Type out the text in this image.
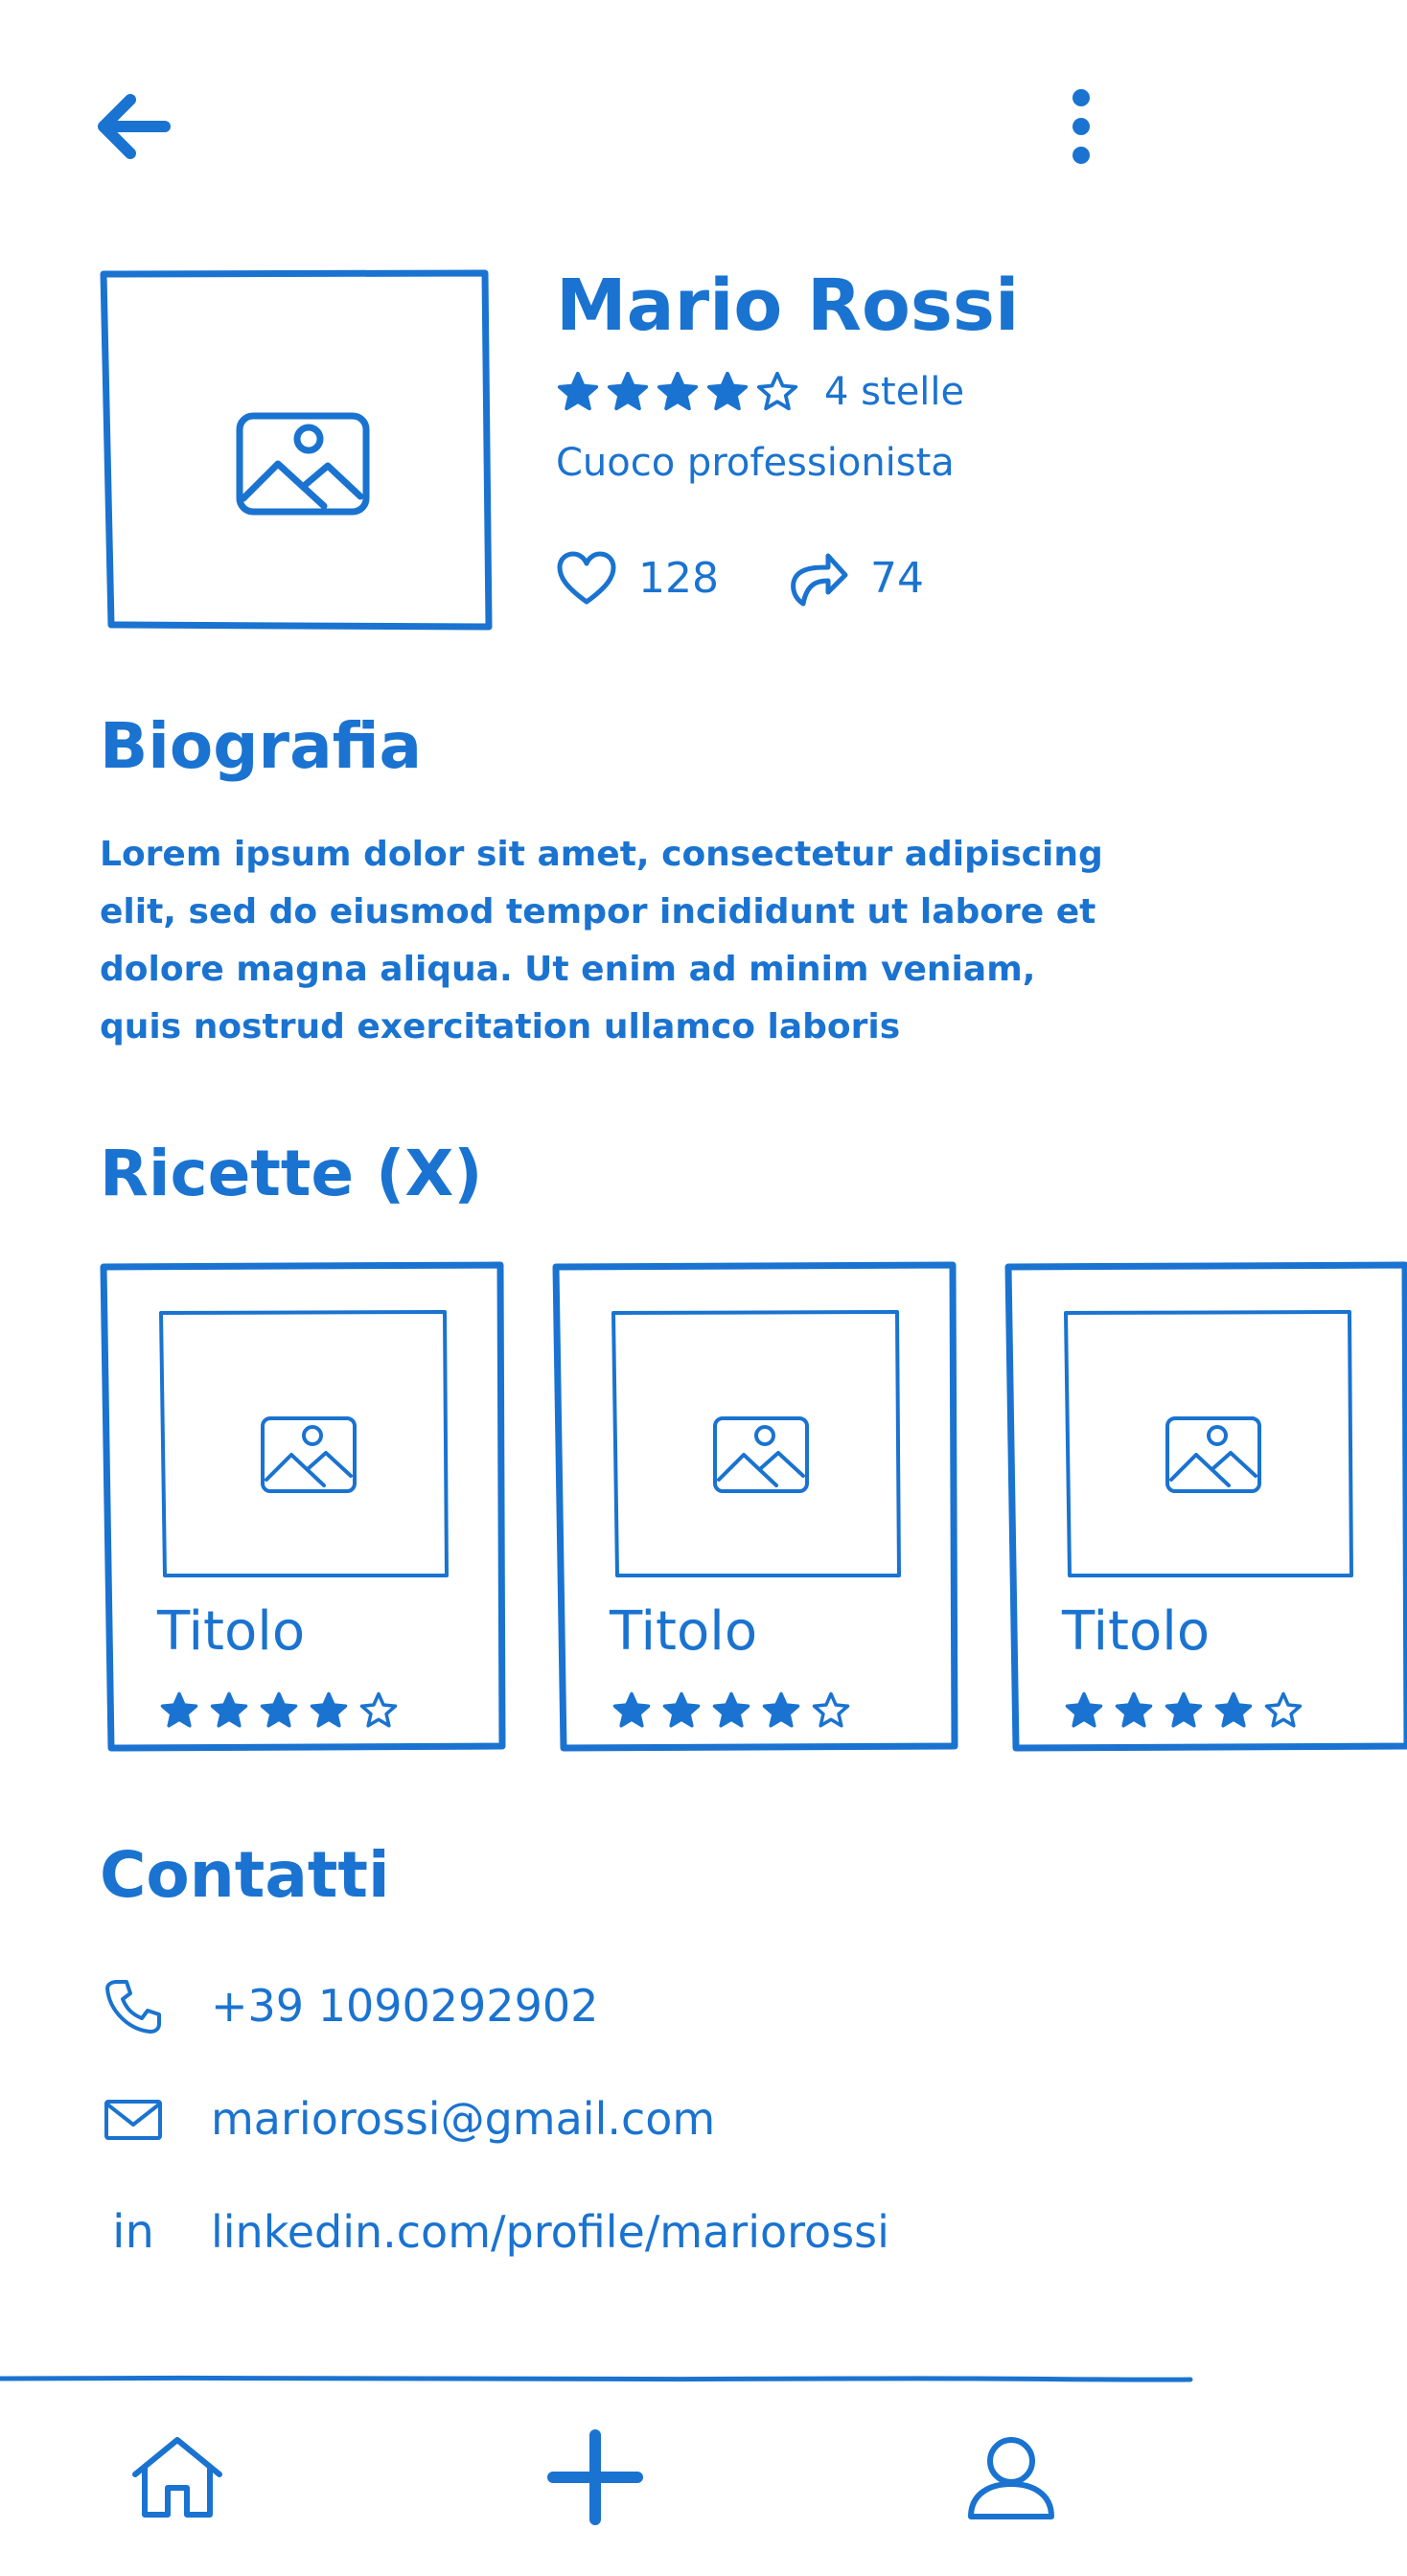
Mario Rossi
4 stelle
Cuoco professionista
128	74
Biografia
Lorem ipsum dolor sit amet, consectetur adipiscing elit, sed do eiusmod tempor incididunt ut labore et dolore magna aliqua. Ut enim ad minim veniam, quis nostrud exercitation ullamco laboris
Ricette (X)
Titolo	Titolo	Titolo
Contatti
+39 1090292902
mariorossi@gmail.com
in linkedin.com/profile/mariorossi
